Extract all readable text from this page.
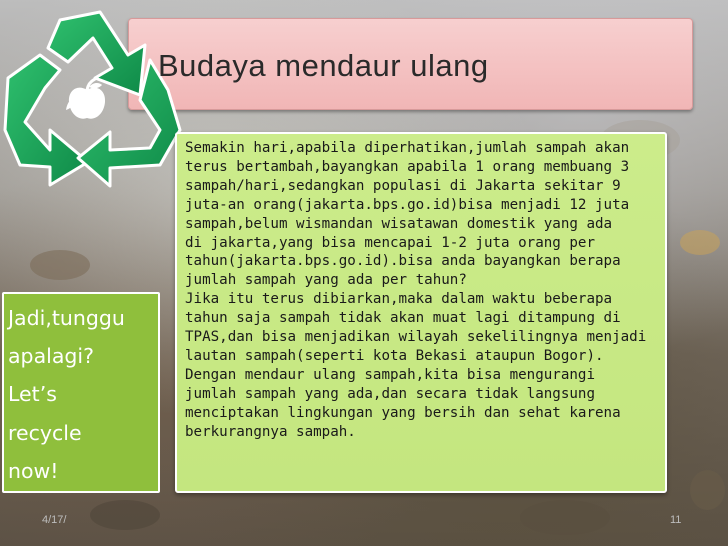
Budaya mendaur ulang
Semakin hari,apabila diperhatikan,jumlah sampah akan
terus bertambah,bayangkan apabila 1 orang membuang 3
sampah/hari,sedangkan populasi di Jakarta sekitar 9
juta-an orang(jakarta.bps.go.id)bisa menjadi 12 juta
sampah,belum wismandan wisatawan domestik yang ada
di jakarta,yang bisa mencapai 1-2 juta orang per
tahun(jakarta.bps.go.id).bisa anda bayangkan berapa
jumlah sampah yang ada per tahun?
Jika itu terus dibiarkan,maka dalam waktu beberapa
tahun saja sampah tidak akan muat lagi ditampung di
TPAS,dan bisa menjadikan wilayah sekelilingnya menjadi
lautan sampah(seperti kota Bekasi ataupun Bogor).
Dengan mendaur ulang sampah,kita bisa mengurangi
jumlah sampah yang ada,dan secara tidak langsung
menciptakan lingkungan yang bersih dan sehat karena
berkurangnya sampah.
Jadi,tunggu
apalagi?
Let’s
recycle
now!
4/17/	11
